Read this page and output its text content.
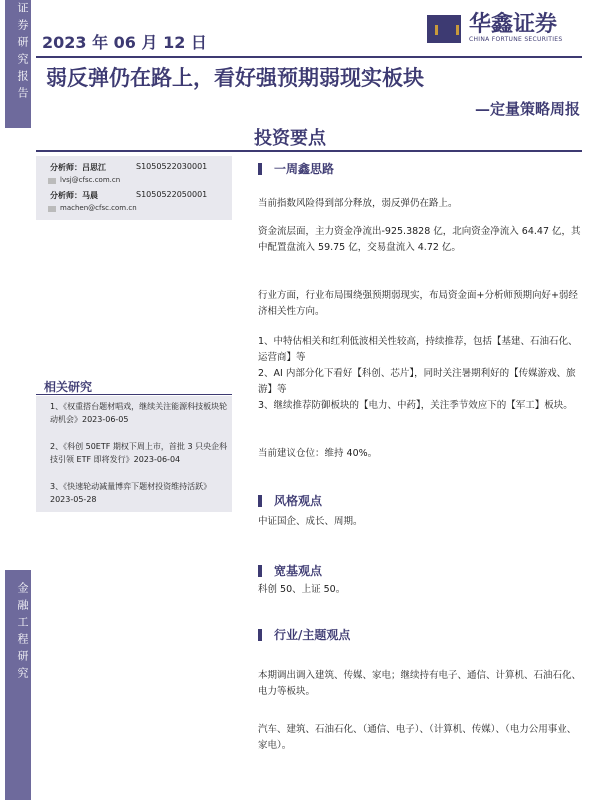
证券研究报告
金融工程研究
2023 年 06 月 12 日
华鑫证券
CHINA FORTUNE SECURITIES
弱反弹仍在路上，看好强预期弱现实板块
—定量策略周报
投资要点
分析师：吕思江	S1050522030001
lvsj@cfsc.com.cn
分析师：马晨	S1050522050001
machen@cfsc.com.cn
相关研究
1、《权重搭台题材唱戏，继续关注能源科技板块轮动机会》2023-06-05
2、《科创 50ETF 期权下周上市，首批 3 只央企科技引领 ETF 即将发行》2023-06-04
3、《快速轮动减量博弈下题材投资维持活跃》2023-05-28
一周鑫思路
当前指数风险得到部分释放，弱反弹仍在路上。
资金流层面，主力资金净流出-925.3828 亿，北向资金净流入 64.47 亿，其中配置盘流入 59.75 亿，交易盘流入 4.72 亿。
行业方面，行业布局围绕强预期弱现实，布局资金面+分析师预期向好+弱经济相关性方向。
1、中特估相关和红利低波相关性较高，持续推荐，包括【基建、石油石化、运营商】等
2、AI 内部分化下看好【科创、芯片】，同时关注暑期利好的【传媒游戏、旅游】等
3、继续推荐防御板块的【电力、中药】，关注季节效应下的【军工】板块。
当前建议仓位：维持 40%。
风格观点
中证国企、成长、周期。
宽基观点
科创 50、上证 50。
行业/主题观点
本期调出调入建筑、传媒、家电；继续持有电子、通信、计算机、石油石化、电力等板块。
汽车、建筑、石油石化、（通信、电子）、（计算机、传媒）、（电力公用事业、家电）。
